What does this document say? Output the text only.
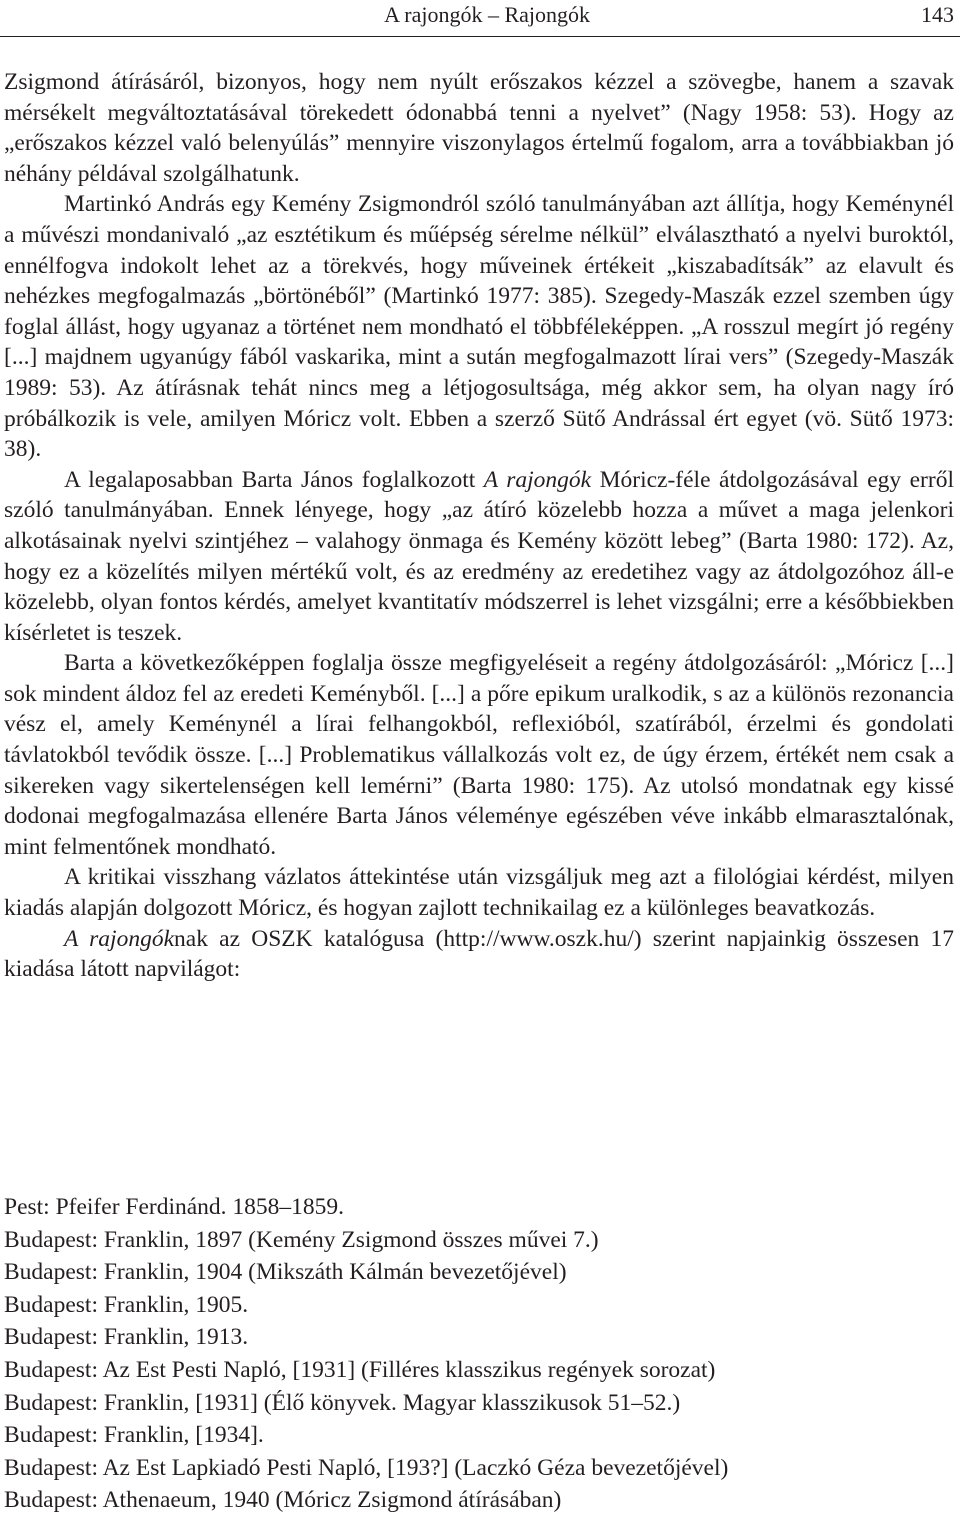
A rajongók – Rajongók	143

Zsigmond átírásáról, bizonyos, hogy nem nyúlt erőszakos kézzel a szövegbe, hanem a szavak mérsékelt megváltoztatásával törekedett ódonabbá tenni a nyelvet” (Nagy 1958: 53). Hogy az „erőszakos kézzel való belenyúlás” mennyire viszonylagos értelmű fogalom, arra a továbbiakban jó néhány példával szolgálhatunk.

Martinkó András egy Kemény Zsigmondról szóló tanulmányában azt állítja, hogy Keménynél a művészi mondanivaló „az esztétikum és műépség sérelme nélkül” elválasztható a nyelvi buroktól, ennélfogva indokolt lehet az a törekvés, hogy műveinek értékeit „kiszabadítsák” az elavult és nehézkes megfogalmazás „börtönéből” (Martinkó 1977: 385). Szegedy-Maszák ezzel szemben úgy foglal állást, hogy ugyanaz a történet nem mondható el többféleképpen. „A rosszul megírt jó regény [...] majdnem ugyanúgy fából vaskarika, mint a sután megfogalmazott lírai vers” (Szegedy-Maszák 1989: 53). Az átírásnak tehát nincs meg a létjogosultsága, még akkor sem, ha olyan nagy író próbálkozik is vele, amilyen Móricz volt. Ebben a szerző Sütő Andrással ért egyet (vö. Sütő 1973: 38).

A legalaposabban Barta János foglalkozott A rajongók Móricz-féle átdolgozásával egy erről szóló tanulmányában. Ennek lényege, hogy „az átíró közelebb hozza a művet a maga jelenkori alkotásainak nyelvi szintjéhez – valahogy önmaga és Kemény között lebeg” (Barta 1980: 172). Az, hogy ez a közelítés milyen mértékű volt, és az eredmény az eredetihez vagy az átdolgozóhoz áll-e közelebb, olyan fontos kérdés, amelyet kvantitatív módszerrel is lehet vizsgálni; erre a későbbiekben kísérletet is teszek.

Barta a következőképpen foglalja össze megfigyeléseit a regény átdolgozásáról: „Móricz [...] sok mindent áldoz fel az eredeti Keményből. [...] a pőre epikum uralkodik, s az a különös rezonancia vész el, amely Keménynél a lírai felhangokból, reflexióból, szatírából, érzelmi és gondolati távlatokból tevődik össze. [...] Problematikus vállalkozás volt ez, de úgy érzem, értékét nem csak a sikereken vagy sikertelenségen kell lemérni” (Barta 1980: 175). Az utolsó mondatnak egy kissé dodonai megfogalmazása ellenére Barta János véleménye egészében véve inkább elmarasztalónak, mint felmentőnek mondható.

A kritikai visszhang vázlatos áttekintése után vizsgáljuk meg azt a filológiai kérdést, milyen kiadás alapján dolgozott Móricz, és hogyan zajlott technikailag ez a különleges beavatkozás.

A rajongóknak az OSZK katalógusa (http://www.oszk.hu/) szerint napjainkig összesen 17 kiadása látott napvilágot:

Pest: Pfeifer Ferdinánd. 1858–1859.
Budapest: Franklin, 1897 (Kemény Zsigmond összes művei 7.)
Budapest: Franklin, 1904 (Mikszáth Kálmán bevezetőjével)
Budapest: Franklin, 1905.
Budapest: Franklin, 1913.
Budapest: Az Est Pesti Napló, [1931] (Filléres klasszikus regények sorozat)
Budapest: Franklin, [1931] (Élő könyvek. Magyar klasszikusok 51–52.)
Budapest: Franklin, [1934].
Budapest: Az Est Lapkiadó Pesti Napló, [193?] (Laczkó Géza bevezetőjével)
Budapest: Athenaeum, 1940 (Móricz Zsigmond átírásában)
